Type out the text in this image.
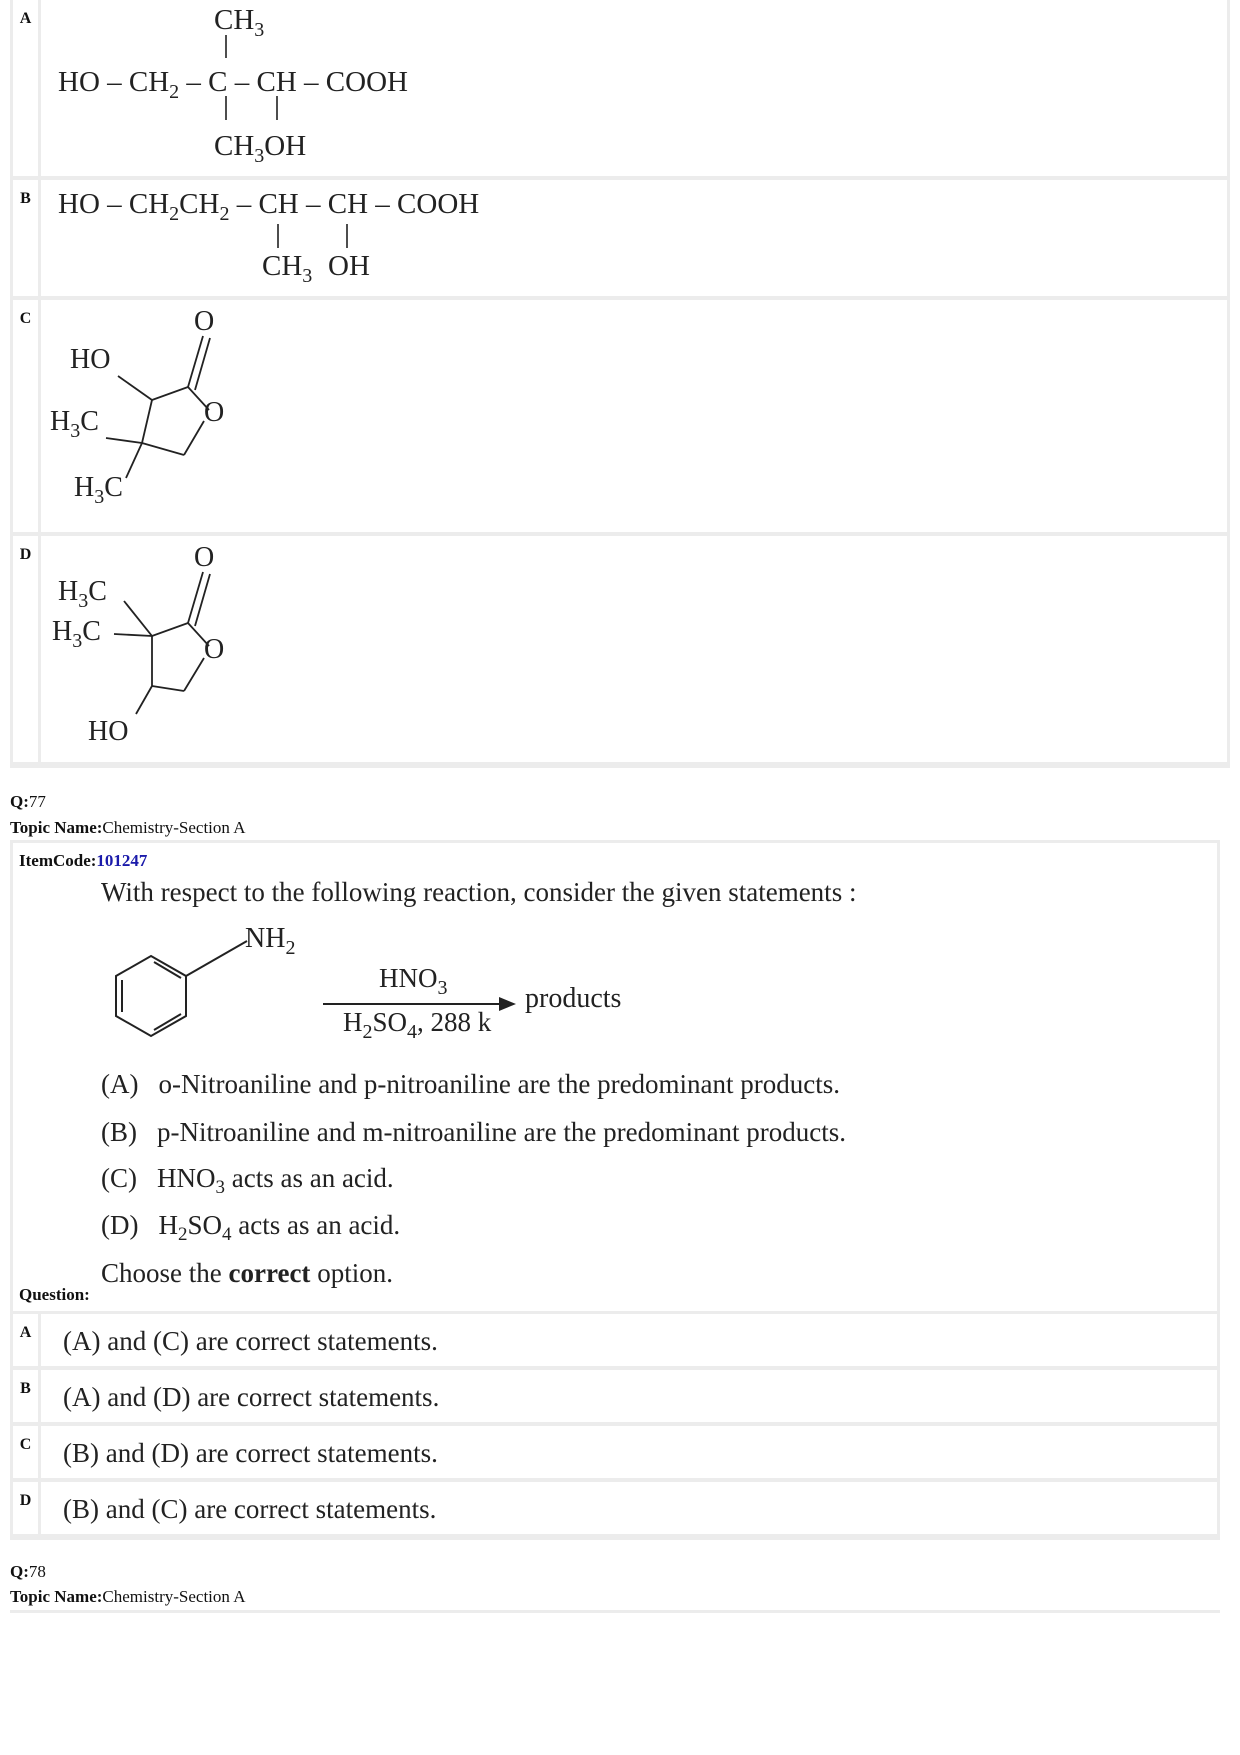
A	$CH_3$
HO – $CH_2$ – C – CH – COOH
$CH_3OH$
B HO – $CH_2CH_2$ – CH – CH – COOH
$CH_3$ OH
C	O
O
HO
$H_3C$
$H_3C$
D	O
O
$H_3C$
$H_3C$
HO
Q:77
Topic Name:Chemistry-Section A
ItemCode:101247
With respect to the following reaction, consider the given statements :
$NH_2$
$HNO_3$
$H_2SO_4$, 288 k
products
(A) o-Nitroaniline and p-nitroaniline are the predominant products.
(B) p-Nitroaniline and m-nitroaniline are the predominant products.
(C) $HNO_3$ acts as an acid.
(D) $H_2SO_4$ acts as an acid.
Choose the correct option.
Question:
A	(A) and (C) are correct statements.
B	(A) and (D) are correct statements.
C	(B) and (D) are correct statements.
D	(B) and (C) are correct statements.
Q:78
Topic Name:Chemistry-Section A
